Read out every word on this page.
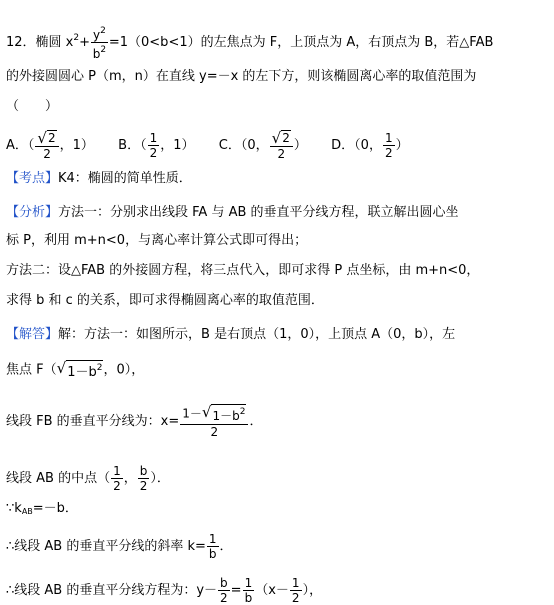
12．椭圆 $x^2+ \frac{y^2}{b^2} =1(0<b<1)$的左焦点为 F，上顶点为 A，右顶点为 B，若△FAB
的外接圆圆心 P（m，n）在直线 y=－x 的左下方，则该椭圆离心率的取值范围为
（　　）
A．（ $\frac{√ 2}{2}$ ，1） B．（ $\frac{1}{2}$ ，1） C．（0， $\frac{√ 2}{2}$ ） D．（0， $\frac{1}{2}$ ）
【考点】K4：椭圆的简单性质．
【分析】方法一：分别求出线段 FA 与 AB 的垂直平分线方程，联立解出圆心坐
标 P，利用 m+n<0，与离心率计算公式即可得出；
方法二：设△FAB 的外接圆方程，将三点代入，即可求得 P 点坐标，由 m+n<0，
求得 b 和 c 的关系，即可求得椭圆离心率的取值范围．
【解答】解：方法一：如图所示，B 是右顶点（1，0），上顶点 A（0，b），左
焦点 F（ √ $1-b^2$ ，0），
线段 FB 的垂直平分线为：$x= \frac{1- √ 1-b^2}{2}$ ．
线段 AB 的中点（ $\frac{1}{2}$ ， $\frac{b}{2}$ ）．
$\because k_{AB}=-b$．
∴线段 AB 的垂直平分线的斜率 $k= \frac{1}{b}$ ．
∴线段 AB 的垂直平分线方程为：$y- \frac{b}{2} = \frac{1}{b} (x- \frac{1}{2}$ ），
